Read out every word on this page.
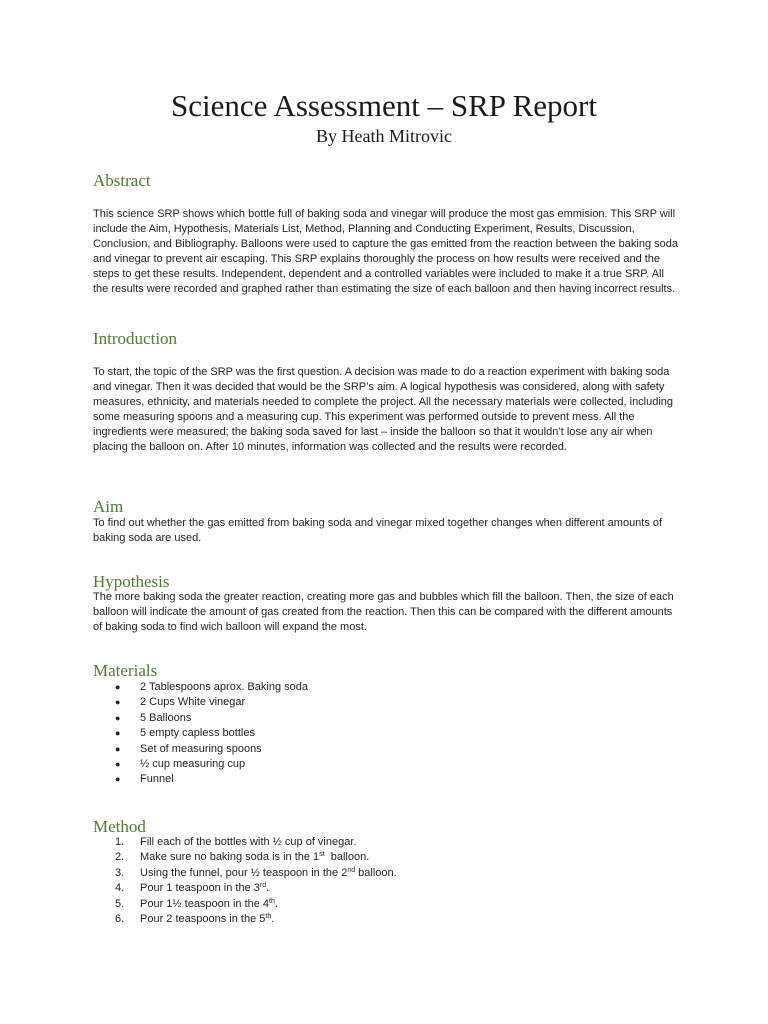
Science Assessment – SRP Report
By Heath Mitrovic
Abstract

This science SRP shows which bottle full of baking soda and vinegar will produce the most gas emmision. This SRP will include the Aim, Hypothesis, Materials List, Method, Planning and Conducting Experiment, Results, Discussion, Conclusion, and Bibliography. Balloons were used to capture the gas emitted from the reaction between the baking soda and vinegar to prevent air escaping. This SRP explains thoroughly the process on how results were received and the steps to get these results. Independent, dependent and a controlled variables were included to make it a true SRP. All the results were recorded and graphed rather than estimating the size of each balloon and then having incorrect results.

Introduction

To start, the topic of the SRP was the first question. A decision was made to do a reaction experiment with baking soda and vinegar. Then it was decided that would be the SRP’s aim. A logical hypothesis was considered, along with safety measures, ethnicity, and materials needed to complete the project. All the necessary materials were collected, including some measuring spoons and a measuring cup. This experiment was performed outside to prevent mess. All the ingredients were measured; the baking soda saved for last – inside the balloon so that it wouldn’t lose any air when placing the balloon on. After 10 minutes, information was collected and the results were recorded.

Aim

To find out whether the gas emitted from baking soda and vinegar mixed together changes when different amounts of baking soda are used.

Hypothesis

The more baking soda the greater reaction, creating more gas and bubbles which fill the balloon. Then, the size of each balloon will indicate the amount of gas created from the reaction. Then this can be compared with the different amounts of baking soda to find wich balloon will expand the most.

Materials
●	2 Tablespoons aprox. Baking soda
●	2 Cups White vinegar
●	5 Balloons
●	5 empty capless bottles
●	Set of measuring spoons
●	½ cup measuring cup
●	Funnel
Method
1.	Fill each of the bottles with ½ cup of vinegar.
2.	Make sure no baking soda is in the 1st  balloon.
3.	Using the funnel, pour ½ teaspoon in the 2nd balloon.
4.	Pour 1 teaspoon in the 3rd.
5.	Pour 1½ teaspoon in the 4th.
6.	Pour 2 teaspoons in the 5th.
